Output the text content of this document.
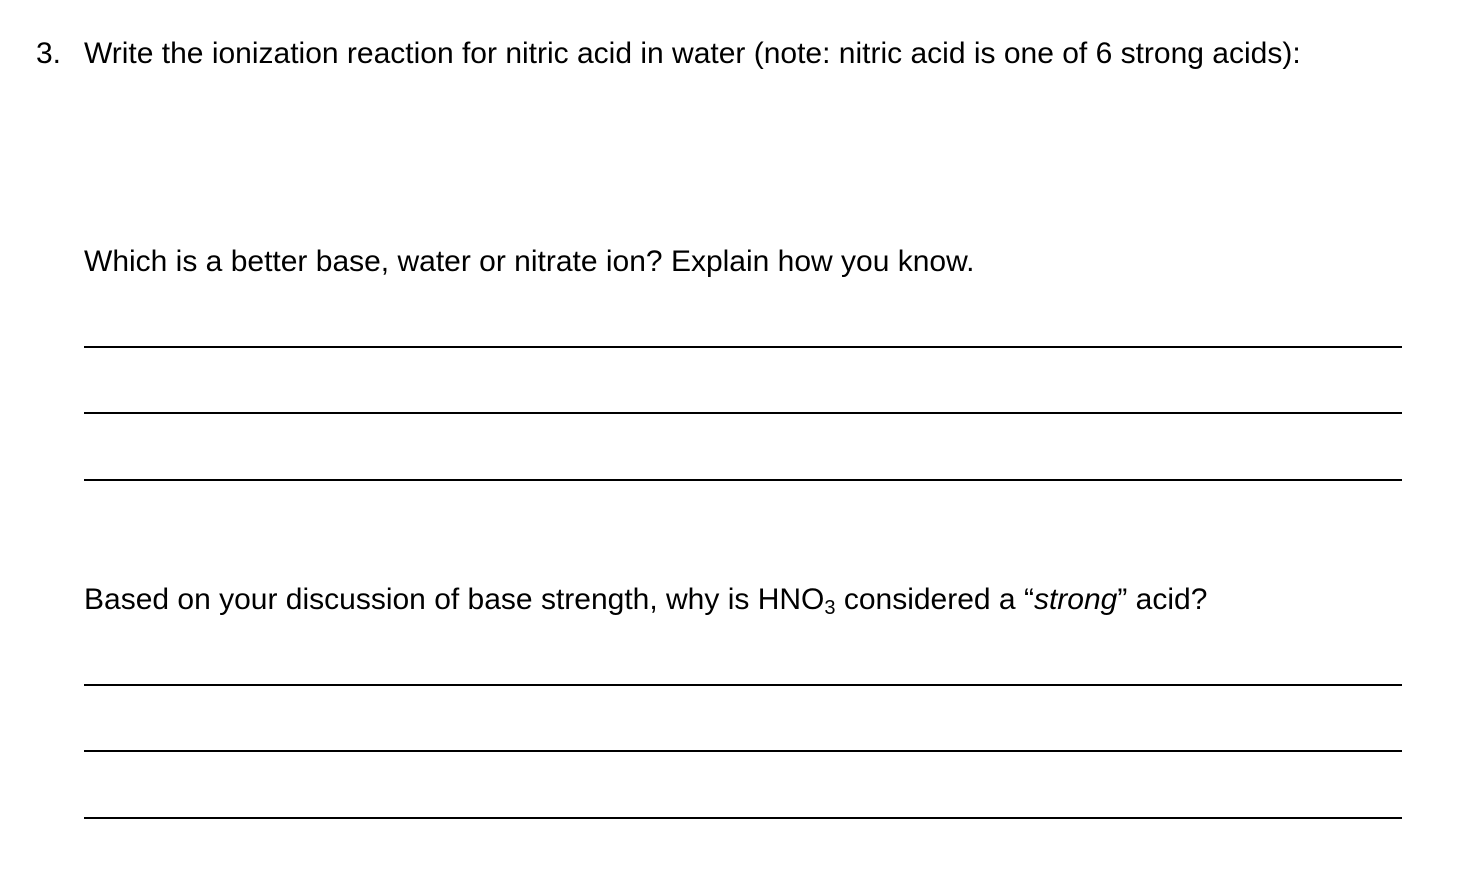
3. Write the ionization reaction for nitric acid in water (note: nitric acid is one of 6 strong acids):
Which is a better base, water or nitrate ion? Explain how you know.
Based on your discussion of base strength, why is $HNO_3$ considered a “strong” acid?
